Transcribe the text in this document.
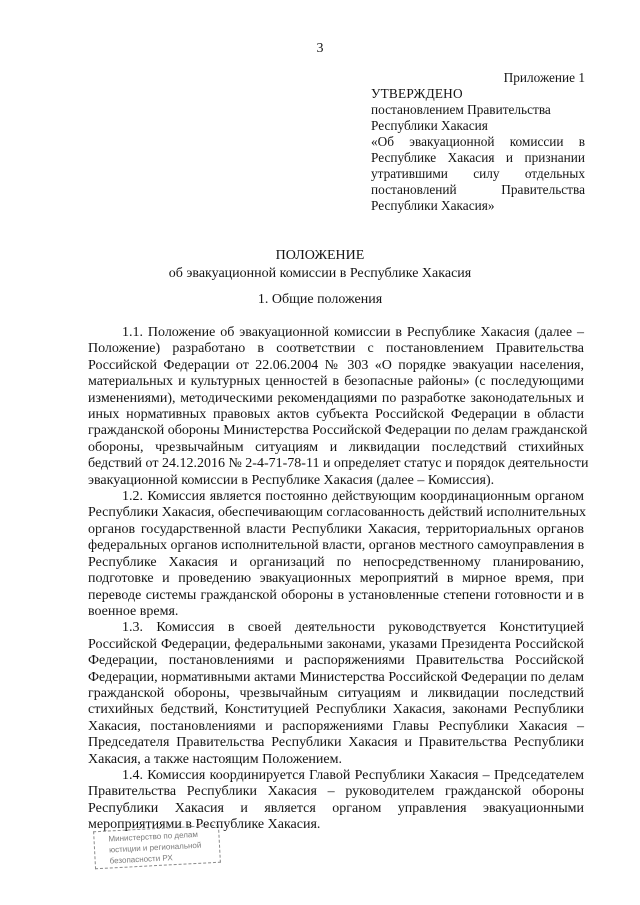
3
Приложение 1
УТВЕРЖДЕНО
постановлением Правительства
Республики Хакасия
«Об эвакуационной комиссии в
Республике Хакасия и признании
утратившими силу отдельных
постановлений Правительства
Республики Хакасия»
ПОЛОЖЕНИЕ
об эвакуационной комиссии в Республике Хакасия
1. Общие положения
1.1. Положение об эвакуационной комиссии в Республике Хакасия (далее –
Положение) разработано в соответствии с постановлением Правительства
Российской Федерации от 22.06.2004 № 303 «О порядке эвакуации населения,
материальных и культурных ценностей в безопасные районы» (с последующими
изменениями), методическими рекомендациями по разработке законодательных и
иных нормативных правовых актов субъекта Российской Федерации в области
гражданской обороны Министерства Российской Федерации по делам гражданской
обороны, чрезвычайным ситуациям и ликвидации последствий стихийных
бедствий от 24.12.2016 № 2-4-71-78-11 и определяет статус и порядок деятельности
эвакуационной комиссии в Республике Хакасия (далее – Комиссия).
1.2. Комиссия является постоянно действующим координационным органом
Республики Хакасия, обеспечивающим согласованность действий исполнительных
органов государственной власти Республики Хакасия, территориальных органов
федеральных органов исполнительной власти, органов местного самоуправления в
Республике Хакасия и организаций по непосредственному планированию,
подготовке и проведению эвакуационных мероприятий в мирное время, при
переводе системы гражданской обороны в установленные степени готовности и в
военное время.
1.3. Комиссия в своей деятельности руководствуется Конституцией
Российской Федерации, федеральными законами, указами Президента Российской
Федерации, постановлениями и распоряжениями Правительства Российской
Федерации, нормативными актами Министерства Российской Федерации по делам
гражданской обороны, чрезвычайным ситуациям и ликвидации последствий
стихийных бедствий, Конституцией Республики Хакасия, законами Республики
Хакасия, постановлениями и распоряжениями Главы Республики Хакасия –
Председателя Правительства Республики Хакасия и Правительства Республики
Хакасия, а также настоящим Положением.
1.4. Комиссия координируется Главой Республики Хакасия – Председателем
Правительства Республики Хакасия – руководителем гражданской обороны
Республики Хакасия и является органом управления эвакуационными
мероприятиями в Республике Хакасия.
Министерство по делам
юстиции и региональной
безопасности РХ
